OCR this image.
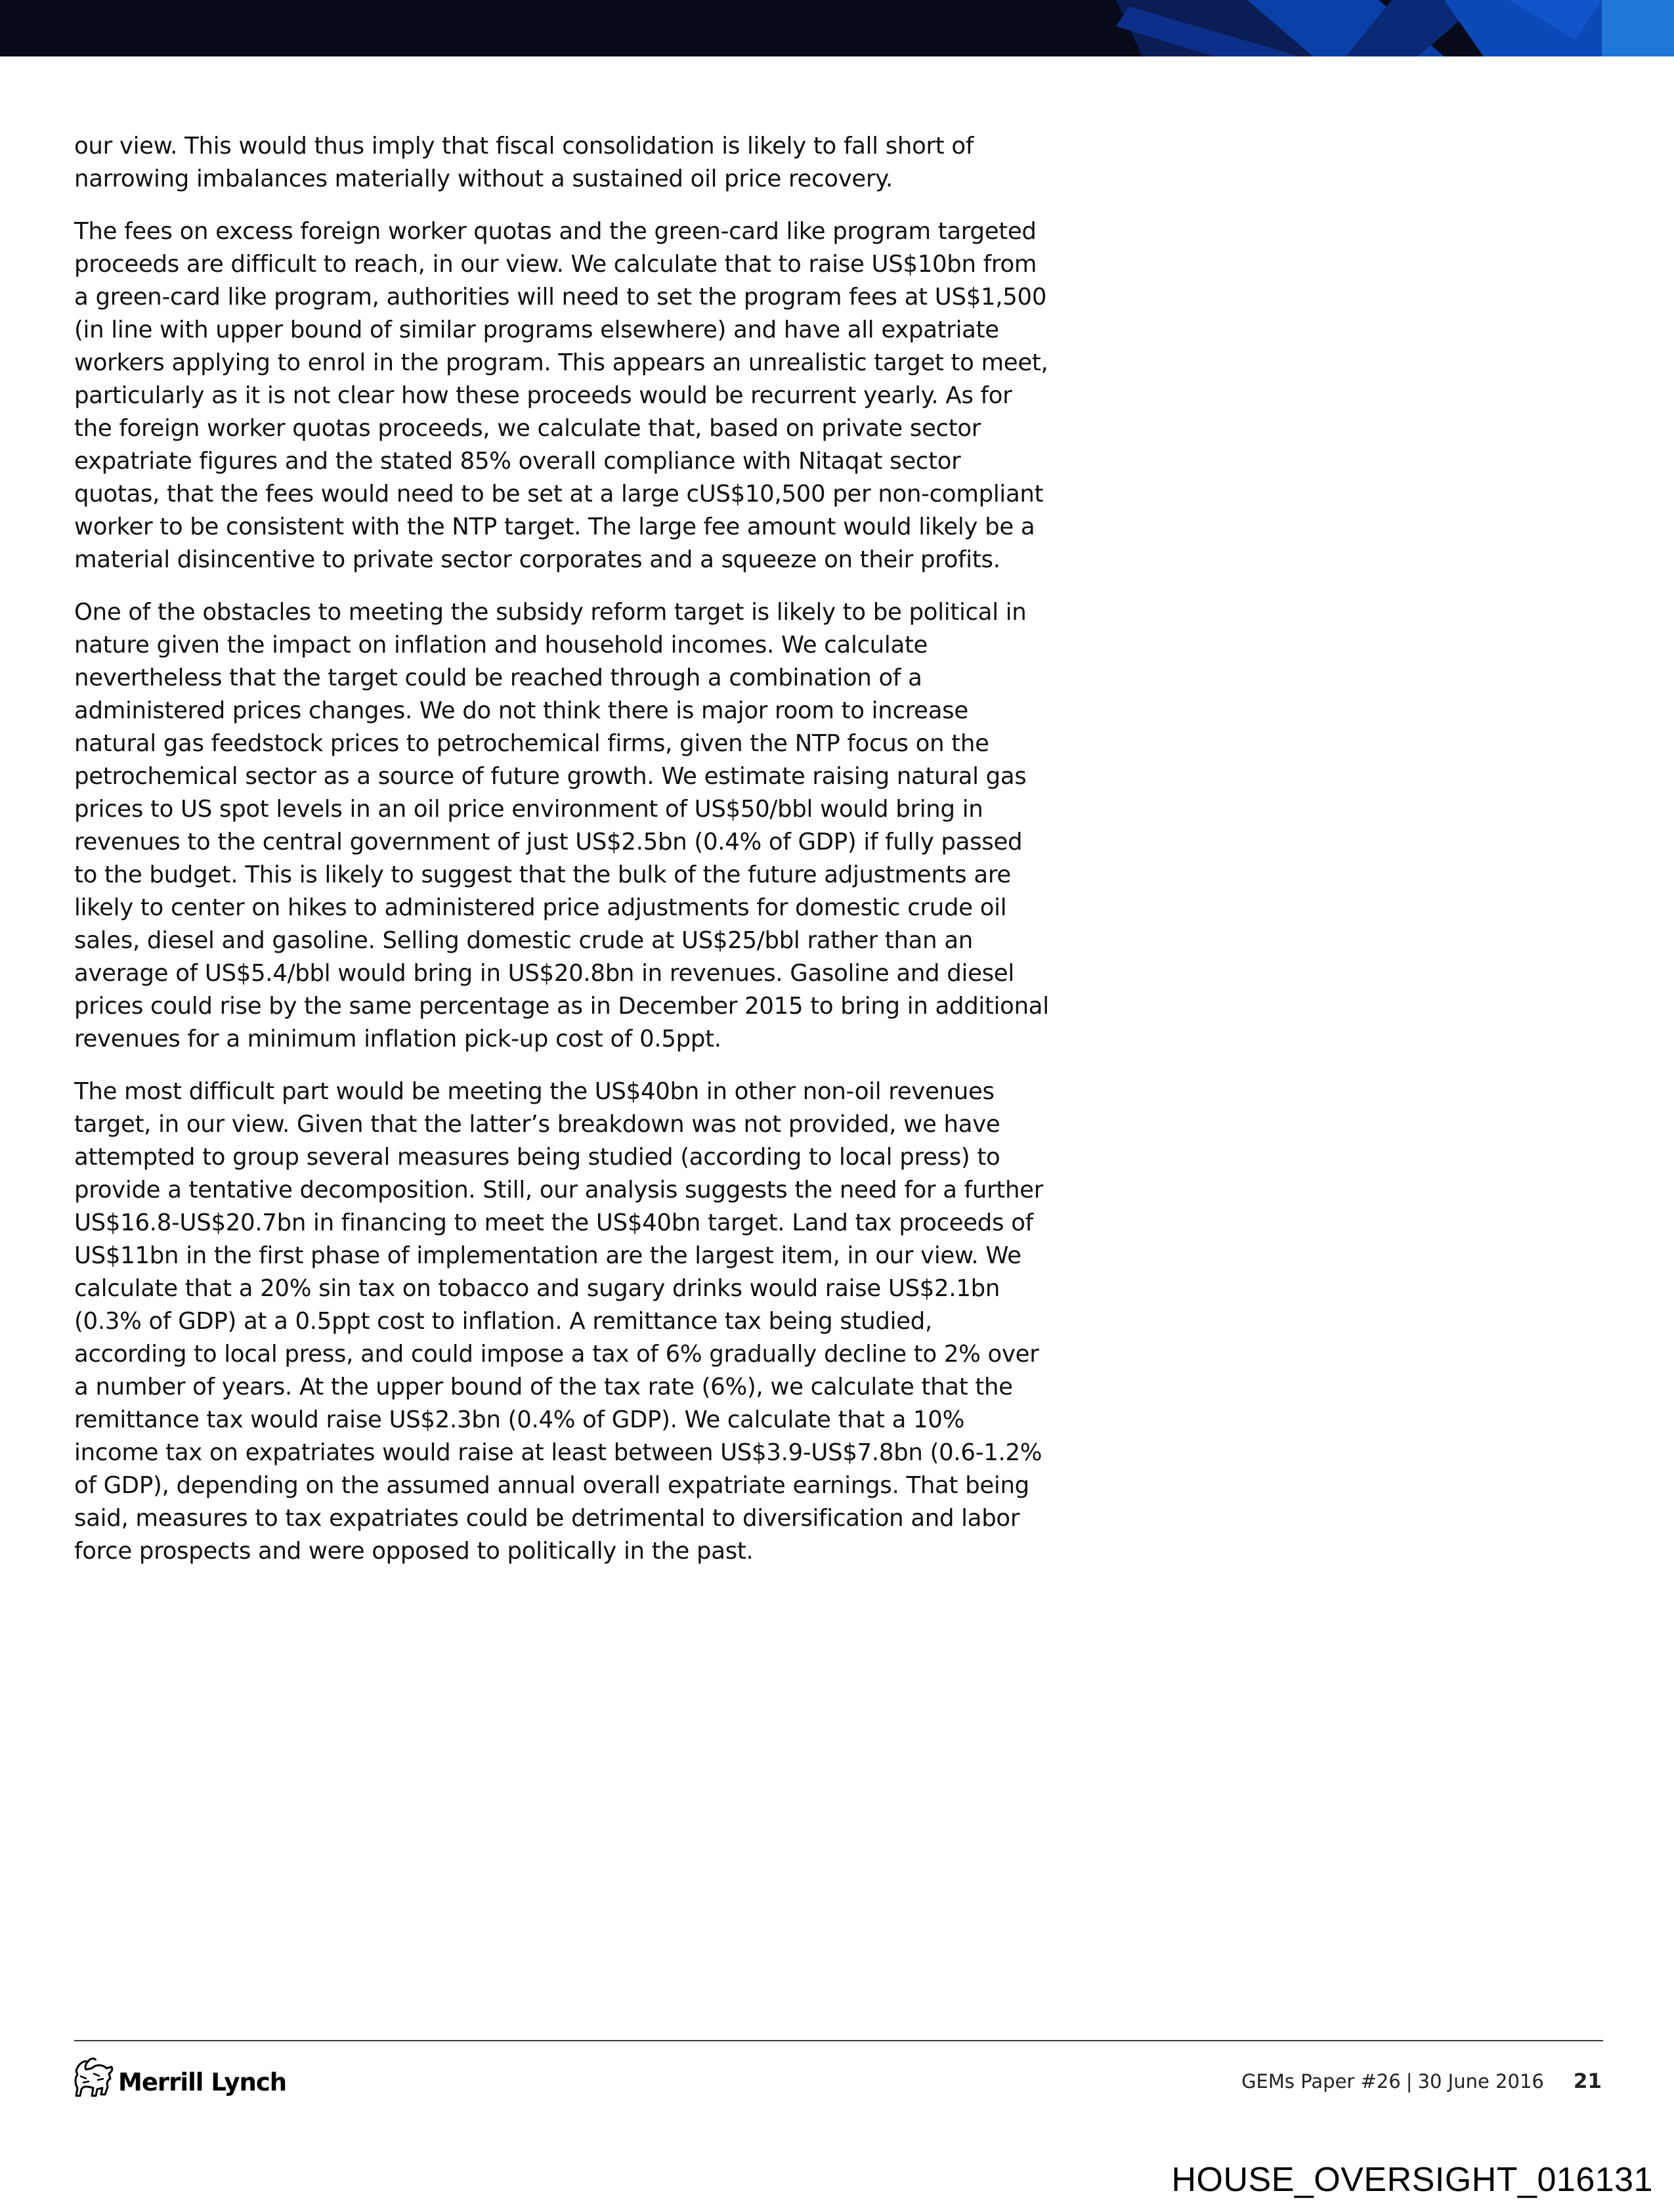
our view. This would thus imply that fiscal consolidation is likely to fall short of narrowing imbalances materially without a sustained oil price recovery.

The fees on excess foreign worker quotas and the green-card like program targeted proceeds are difficult to reach, in our view. We calculate that to raise US$10bn from a green-card like program, authorities will need to set the program fees at US$1,500 (in line with upper bound of similar programs elsewhere) and have all expatriate workers applying to enrol in the program. This appears an unrealistic target to meet, particularly as it is not clear how these proceeds would be recurrent yearly. As for the foreign worker quotas proceeds, we calculate that, based on private sector expatriate figures and the stated 85% overall compliance with Nitaqat sector quotas, that the fees would need to be set at a large cUS$10,500 per non-compliant worker to be consistent with the NTP target. The large fee amount would likely be a material disincentive to private sector corporates and a squeeze on their profits.

One of the obstacles to meeting the subsidy reform target is likely to be political in nature given the impact on inflation and household incomes. We calculate nevertheless that the target could be reached through a combination of a administered prices changes. We do not think there is major room to increase natural gas feedstock prices to petrochemical firms, given the NTP focus on the petrochemical sector as a source of future growth. We estimate raising natural gas prices to US spot levels in an oil price environment of US$50/bbl would bring in revenues to the central government of just US$2.5bn (0.4% of GDP) if fully passed to the budget. This is likely to suggest that the bulk of the future adjustments are likely to center on hikes to administered price adjustments for domestic crude oil sales, diesel and gasoline. Selling domestic crude at US$25/bbl rather than an average of US$5.4/bbl would bring in US$20.8bn in revenues. Gasoline and diesel prices could rise by the same percentage as in December 2015 to bring in additional revenues for a minimum inflation pick-up cost of 0.5ppt.

The most difficult part would be meeting the US$40bn in other non-oil revenues target, in our view. Given that the latter’s breakdown was not provided, we have attempted to group several measures being studied (according to local press) to provide a tentative decomposition. Still, our analysis suggests the need for a further US$16.8-US$20.7bn in financing to meet the US$40bn target. Land tax proceeds of US$11bn in the first phase of implementation are the largest item, in our view. We calculate that a 20% sin tax on tobacco and sugary drinks would raise US$2.1bn (0.3% of GDP) at a 0.5ppt cost to inflation. A remittance tax being studied, according to local press, and could impose a tax of 6% gradually decline to 2% over a number of years. At the upper bound of the tax rate (6%), we calculate that the remittance tax would raise US$2.3bn (0.4% of GDP). We calculate that a 10% income tax on expatriates would raise at least between US$3.9-US$7.8bn (0.6-1.2% of GDP), depending on the assumed annual overall expatriate earnings. That being said, measures to tax expatriates could be detrimental to diversification and labor force prospects and were opposed to politically in the past.

Merrill Lynch	GEMs Paper #26 | 30 June 2016 21
HOUSE_OVERSIGHT_016131
